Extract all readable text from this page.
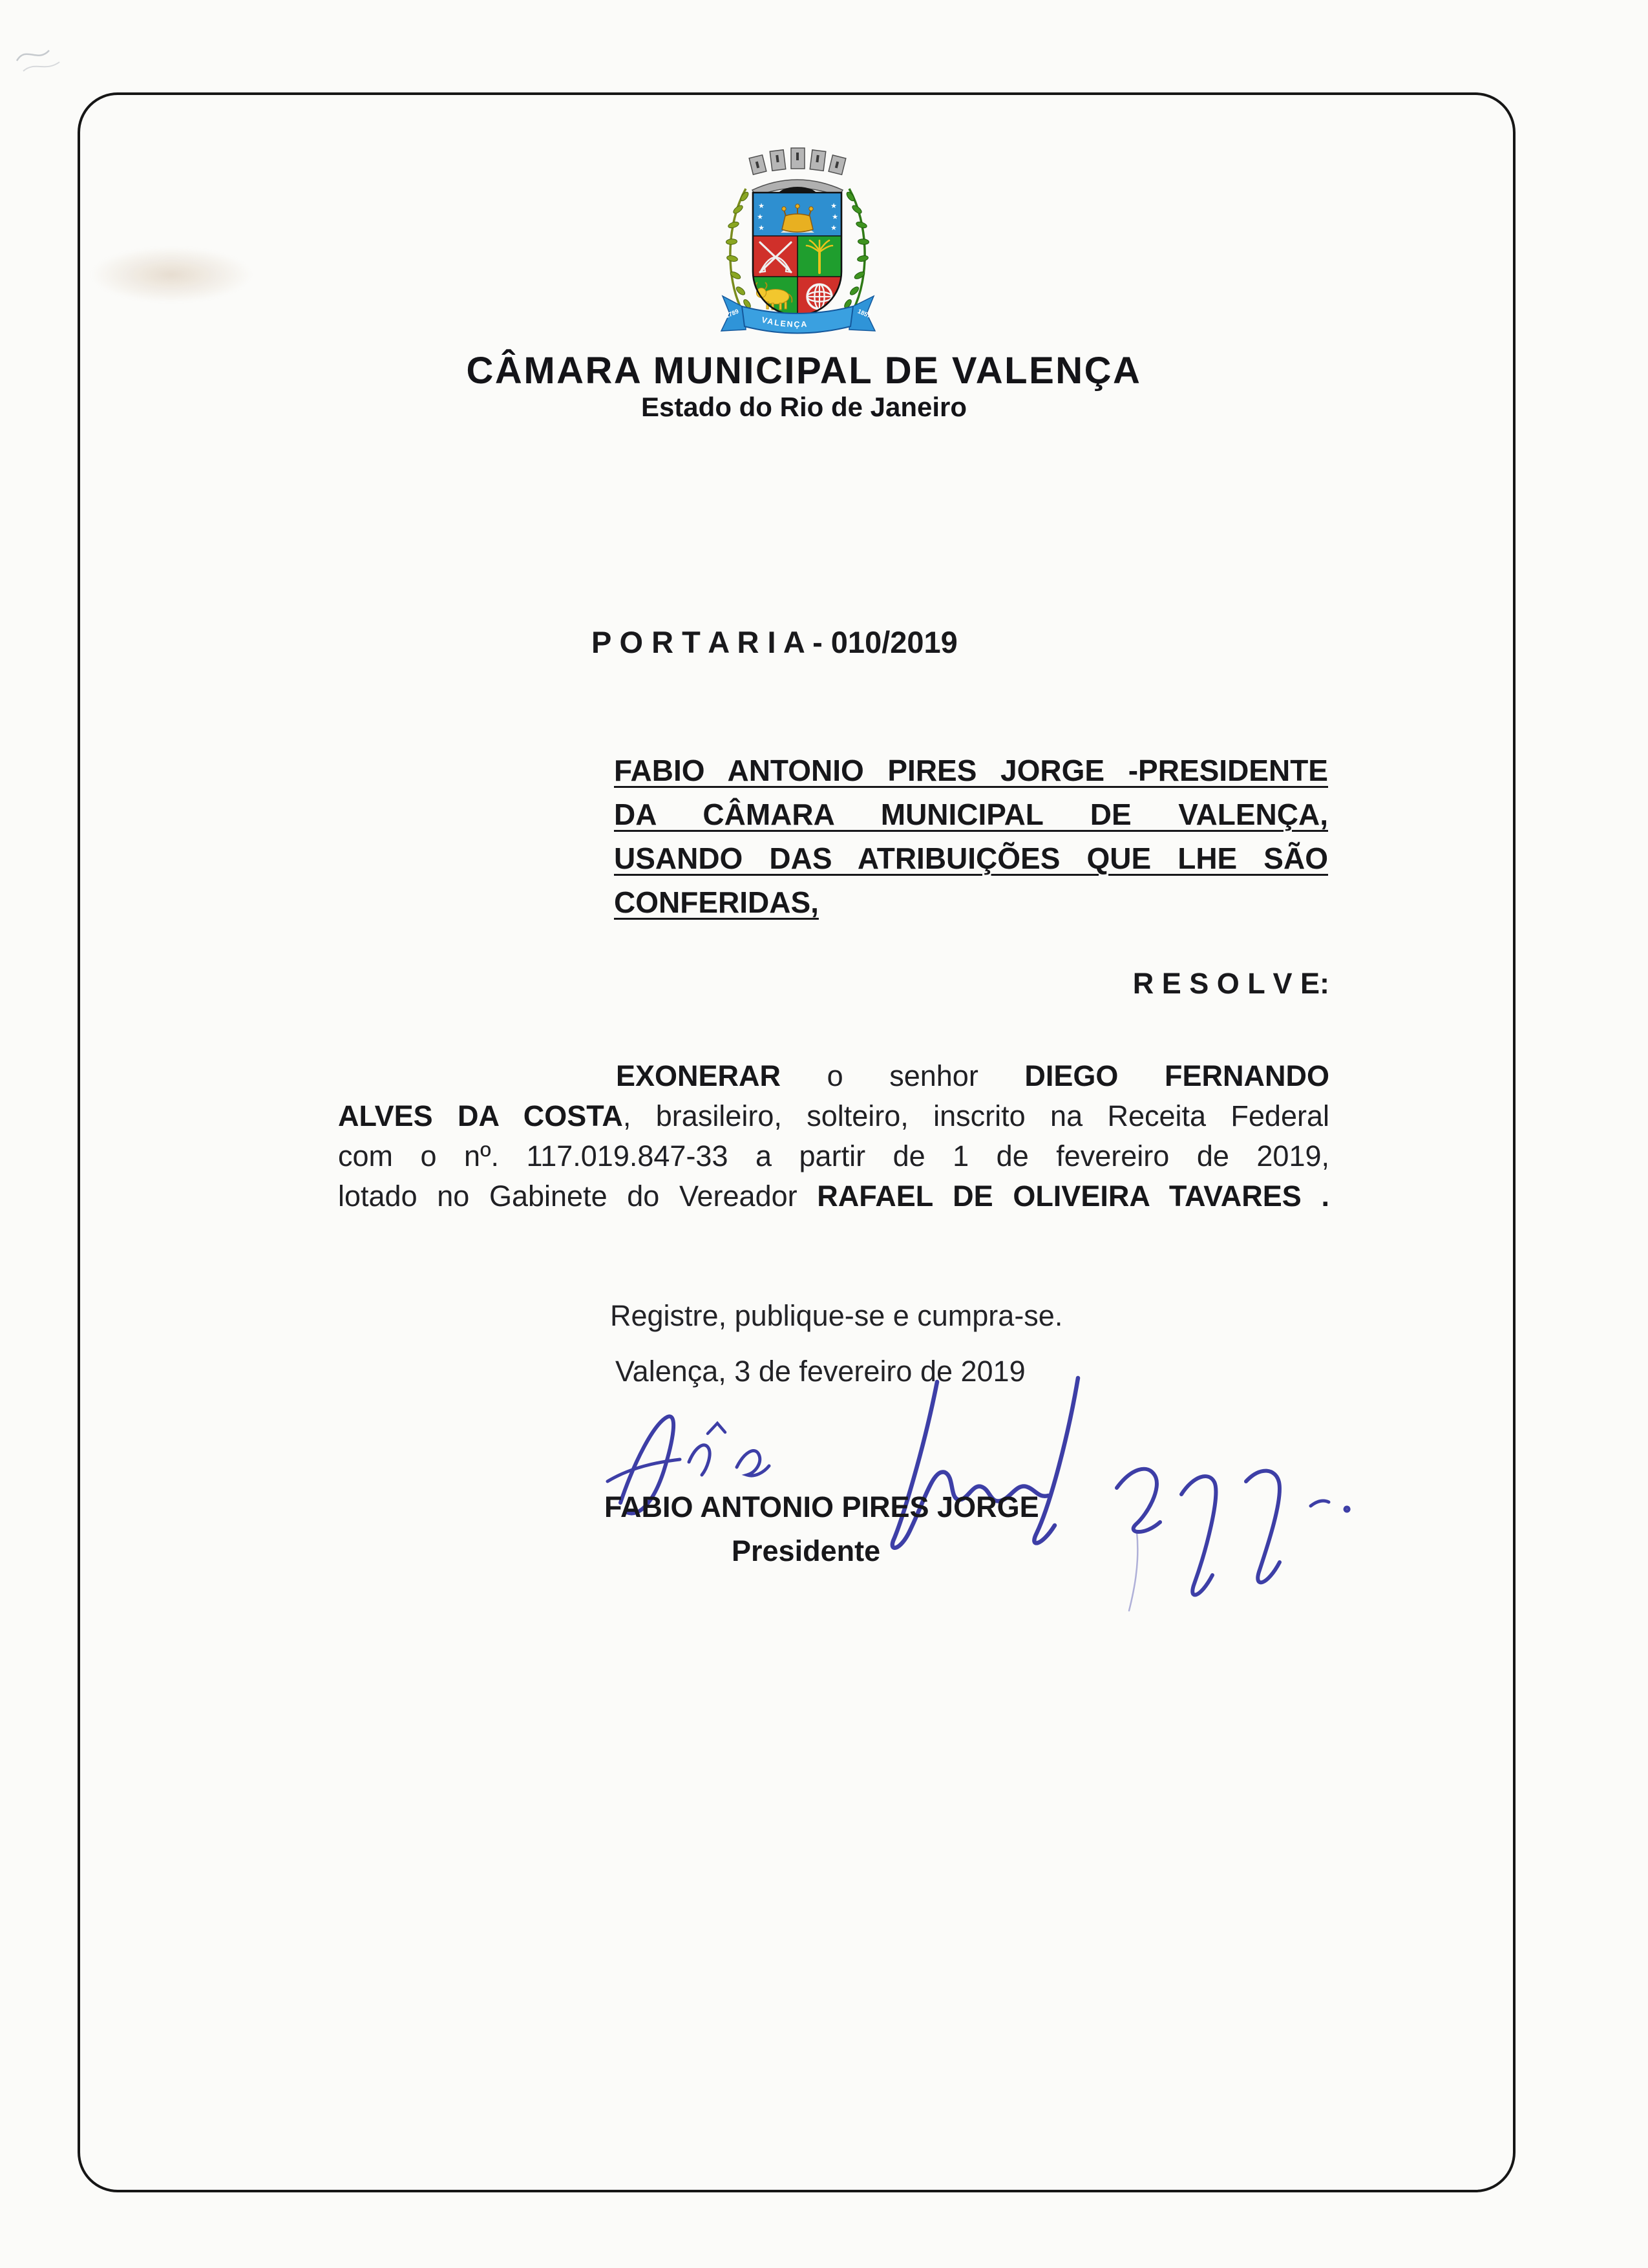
★
★
★
★
★
★
VALENÇA
1789	1857
CÂMARA MUNICIPAL DE VALENÇA
Estado do Rio de Janeiro
P O R T A R I A - 010/2019
FABIO ANTONIO PIRES JORGE -PRESIDENTE
DA CÂMARA MUNICIPAL DE VALENÇA,
USANDO DAS ATRIBUIÇÕES QUE LHE SÃO
CONFERIDAS,
R E S O L V E:
EXONERAR o senhor DIEGO FERNANDO
ALVES DA COSTA, brasileiro, solteiro, inscrito na Receita Federal
com o nº. 117.019.847-33 a partir de 1 de fevereiro de 2019,
lotado no Gabinete do Vereador RAFAEL DE OLIVEIRA TAVARES .
Registre, publique-se e cumpra-se.
Valença, 3 de fevereiro de 2019
FABIO ANTONIO PIRES JORGE
Presidente
